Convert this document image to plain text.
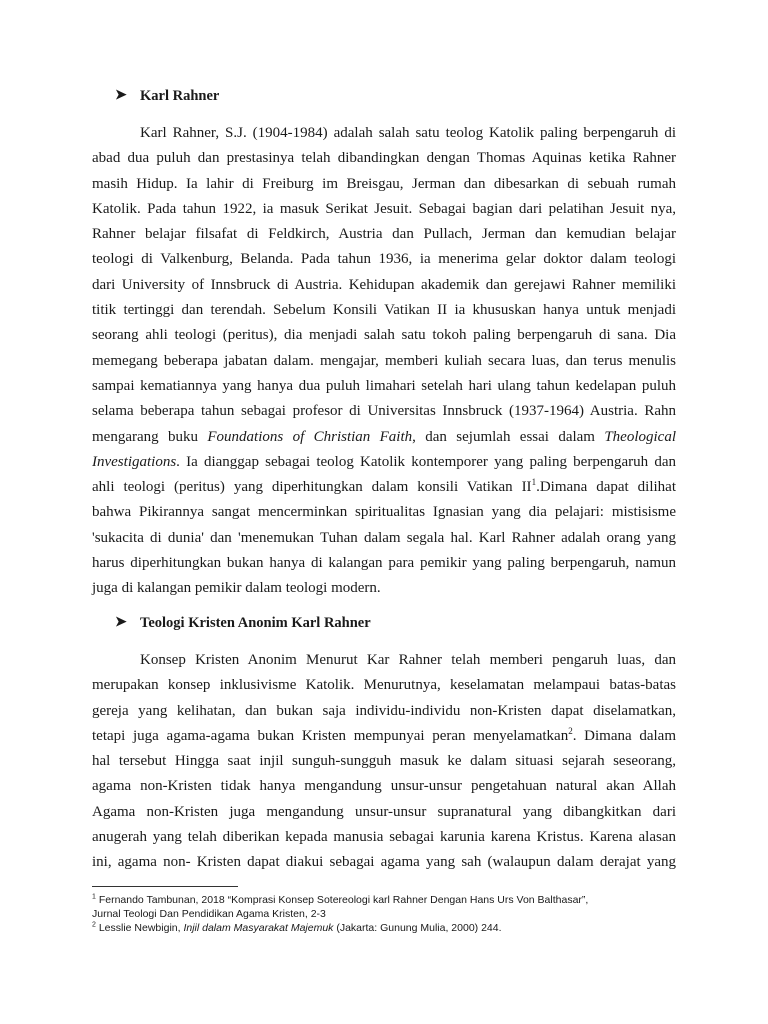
➤ Karl Rahner
Karl Rahner, S.J. (1904-1984) adalah salah satu teolog Katolik paling berpengaruh di
abad dua puluh dan prestasinya telah dibandingkan dengan Thomas Aquinas ketika Rahner
masih Hidup. Ia lahir di Freiburg im Breisgau, Jerman dan dibesarkan di sebuah rumah
Katolik. Pada tahun 1922, ia masuk Serikat Jesuit. Sebagai bagian dari pelatihan Jesuit nya,
Rahner belajar filsafat di Feldkirch, Austria dan Pullach, Jerman dan kemudian belajar
teologi di Valkenburg, Belanda. Pada tahun 1936, ia menerima gelar doktor dalam teologi
dari University of Innsbruck di Austria. Kehidupan akademik dan gerejawi Rahner memiliki
titik tertinggi dan terendah. Sebelum Konsili Vatikan II ia khususkan hanya untuk menjadi
seorang ahli teologi (peritus), dia menjadi salah satu tokoh paling berpengaruh di sana. Dia
memegang beberapa jabatan dalam. mengajar, memberi kuliah secara luas, dan terus menulis
sampai kematiannya yang hanya dua puluh limahari setelah hari ulang tahun kedelapan puluh
selama beberapa tahun sebagai profesor di Universitas Innsbruck (1937-1964) Austria. Rahn
mengarang buku Foundations of Christian Faith, dan sejumlah essai dalam Theological
Investigations. Ia dianggap sebagai teolog Katolik kontemporer yang paling berpengaruh dan
ahli teologi (peritus) yang diperhitungkan dalam konsili Vatikan $II^1.Dimana$ dapat dilihat
bahwa Pikirannya sangat mencerminkan spiritualitas Ignasian yang dia pelajari: mistisisme
'sukacita di dunia' dan 'menemukan Tuhan dalam segala hal. Karl Rahner adalah orang yang
harus diperhitungkan bukan hanya di kalangan para pemikir yang paling berpengaruh, namun
juga di kalangan pemikir dalam teologi modern.
➤ Teologi Kristen Anonim Karl Rahner
Konsep Kristen Anonim Menurut Kar Rahner telah memberi pengaruh luas, dan
merupakan konsep inklusivisme Katolik. Menurutnya, keselamatan melampaui batas-batas
gereja yang kelihatan, dan bukan saja individu-individu non-Kristen dapat diselamatkan,
tetapi juga agama-agama bukan Kristen mempunyai peran menyelamatkan$^2$. Dimana dalam
hal tersebut Hingga saat injil sunguh-sungguh masuk ke dalam situasi sejarah seseorang,
agama non-Kristen tidak hanya mengandung unsur-unsur pengetahuan natural akan Allah
Agama non-Kristen juga mengandung unsur-unsur supranatural yang dibangkitkan dari
anugerah yang telah diberikan kepada manusia sebagai karunia karena Kristus. Karena alasan
ini, agama non- Kristen dapat diakui sebagai agama yang sah (walaupun dalam derajat yang
$^1$ Fernando Tambunan, 2018 “Komprasi Konsep Sotereologi karl Rahner Dengan Hans Urs Von Balthasar”,
Jurnal Teologi Dan Pendidikan Agama Kristen, 2-3
$^2$ Lesslie Newbigin, Injil dalam Masyarakat Majemuk (Jakarta: Gunung Mulia, 2000) 244.
